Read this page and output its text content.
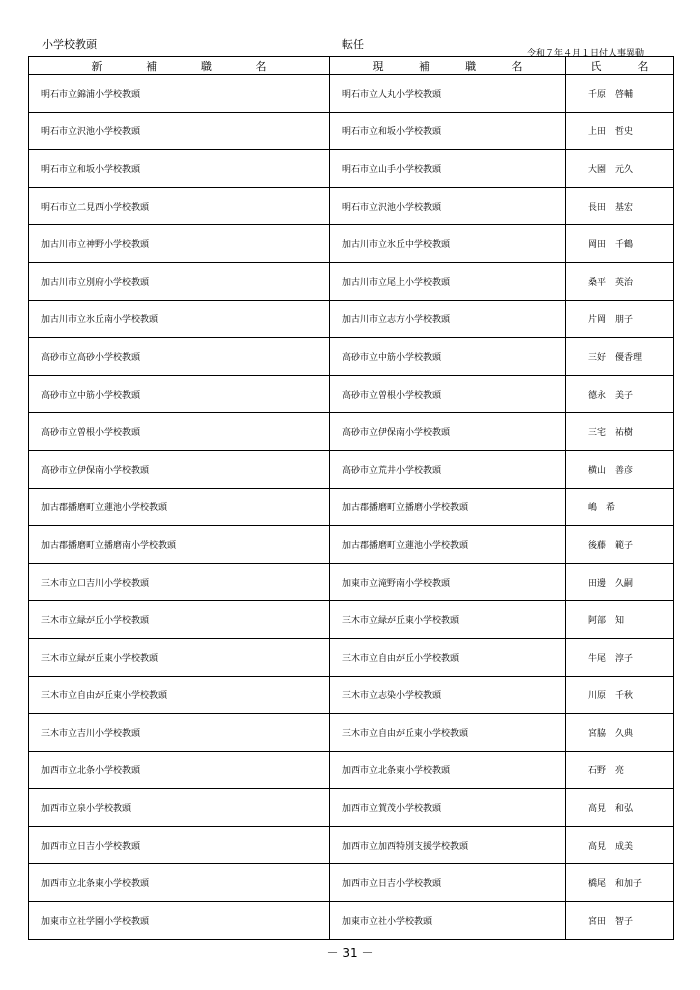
小学校教頭	転任
令和７年４月１日付人事異動
新補職名	現補職名	氏名
明石市立錦浦小学校教頭	明石市立人丸小学校教頭	千原　啓輔
明石市立沢池小学校教頭	明石市立和坂小学校教頭	上田　哲史
明石市立和坂小学校教頭	明石市立山手小学校教頭	大園　元久
明石市立二見西小学校教頭	明石市立沢池小学校教頭	長田　基宏
加古川市立神野小学校教頭	加古川市立氷丘中学校教頭	岡田　千鶴
加古川市立別府小学校教頭	加古川市立尾上小学校教頭	桑平　英治
加古川市立氷丘南小学校教頭	加古川市立志方小学校教頭	片岡　朋子
高砂市立高砂小学校教頭	高砂市立中筋小学校教頭	三好　優香理
高砂市立中筋小学校教頭	高砂市立曽根小学校教頭	德永　美子
高砂市立曽根小学校教頭	高砂市立伊保南小学校教頭	三宅　祐樹
高砂市立伊保南小学校教頭	高砂市立荒井小学校教頭	横山　善彦
加古郡播磨町立蓮池小学校教頭	加古郡播磨町立播磨小学校教頭	嶋　希
加古郡播磨町立播磨南小学校教頭	加古郡播磨町立蓮池小学校教頭	後藤　範子
三木市立口吉川小学校教頭	加東市立滝野南小学校教頭	田邊　久嗣
三木市立緑が丘小学校教頭	三木市立緑が丘東小学校教頭	阿部　知
三木市立緑が丘東小学校教頭	三木市立自由が丘小学校教頭	牛尾　淳子
三木市立自由が丘東小学校教頭	三木市立志染小学校教頭	川原　千秋
三木市立吉川小学校教頭	三木市立自由が丘東小学校教頭	宮脇　久典
加西市立北条小学校教頭	加西市立北条東小学校教頭	石野　亮
加西市立泉小学校教頭	加西市立賀茂小学校教頭	高見　和弘
加西市立日吉小学校教頭	加西市立加西特別支援学校教頭	高見　成美
加西市立北条東小学校教頭	加西市立日吉小学校教頭	橋尾　和加子
加東市立社学園小学校教頭	加東市立社小学校教頭	宮田　智子
－ 31 －
